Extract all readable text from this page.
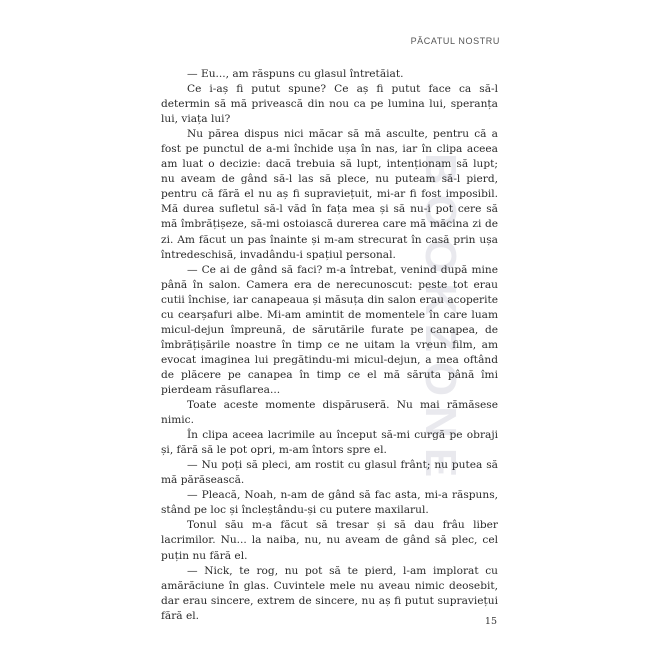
PĂCATUL NOSTRU
BOOKZONE

— Eu..., am răspuns cu glasul întretăiat.

Ce i-aș fi putut spune? Ce aș fi putut face ca să-l determin să mă privească din nou ca pe lumina lui, speranța lui, viața lui?

Nu părea dispus nici măcar să mă asculte, pentru că a fost pe punctul de a-mi închide ușa în nas, iar în clipa aceea am luat o decizie: dacă trebuia să lupt, intenționam să lupt; nu aveam de gând să-l las să plece, nu puteam să-l pierd, pentru că fără el nu aș fi supraviețuit, mi-ar fi fost imposibil. Mă durea sufletul să-l văd în fața mea și să nu-i pot cere să mă îmbrățișeze, să-mi ostoiască durerea care mă măcina zi de zi. Am făcut un pas înainte și m-am strecurat în casă prin ușa întredeschisă, invadându-i spațiul personal.

— Ce ai de gând să faci? m-a întrebat, venind după mine până în salon. Camera era de nerecunoscut: peste tot erau cutii închise, iar canapeaua și măsuța din salon erau acoperite cu cearșafuri albe. Mi-am amintit de momentele în care luam micul-dejun împreună, de sărutările furate pe canapea, de îmbrățișările noastre în timp ce ne uitam la vreun film, am evocat imaginea lui pregătindu-mi micul-dejun, a mea oftând de plăcere pe canapea în timp ce el mă săruta până îmi pierdeam răsuflarea...

Toate aceste momente dispăruseră. Nu mai rămăsese nimic.

În clipa aceea lacrimile au început să-mi curgă pe obraji și, fără să le pot opri, m-am întors spre el.

— Nu poți să pleci, am rostit cu glasul frânt; nu putea să mă părăsească.

— Pleacă, Noah, n-am de gând să fac asta, mi-a răspuns, stând pe loc și încleștându-și cu putere maxilarul.

Tonul său m-a făcut să tresar și să dau frâu liber lacrimilor. Nu... la naiba, nu, nu aveam de gând să plec, cel puțin nu fără el.

— Nick, te rog, nu pot să te pierd, l-am implorat cu amărăciune în glas. Cuvintele mele nu aveau nimic deosebit, dar erau sincere, extrem de sincere, nu aș fi putut supraviețui fără el.	15
